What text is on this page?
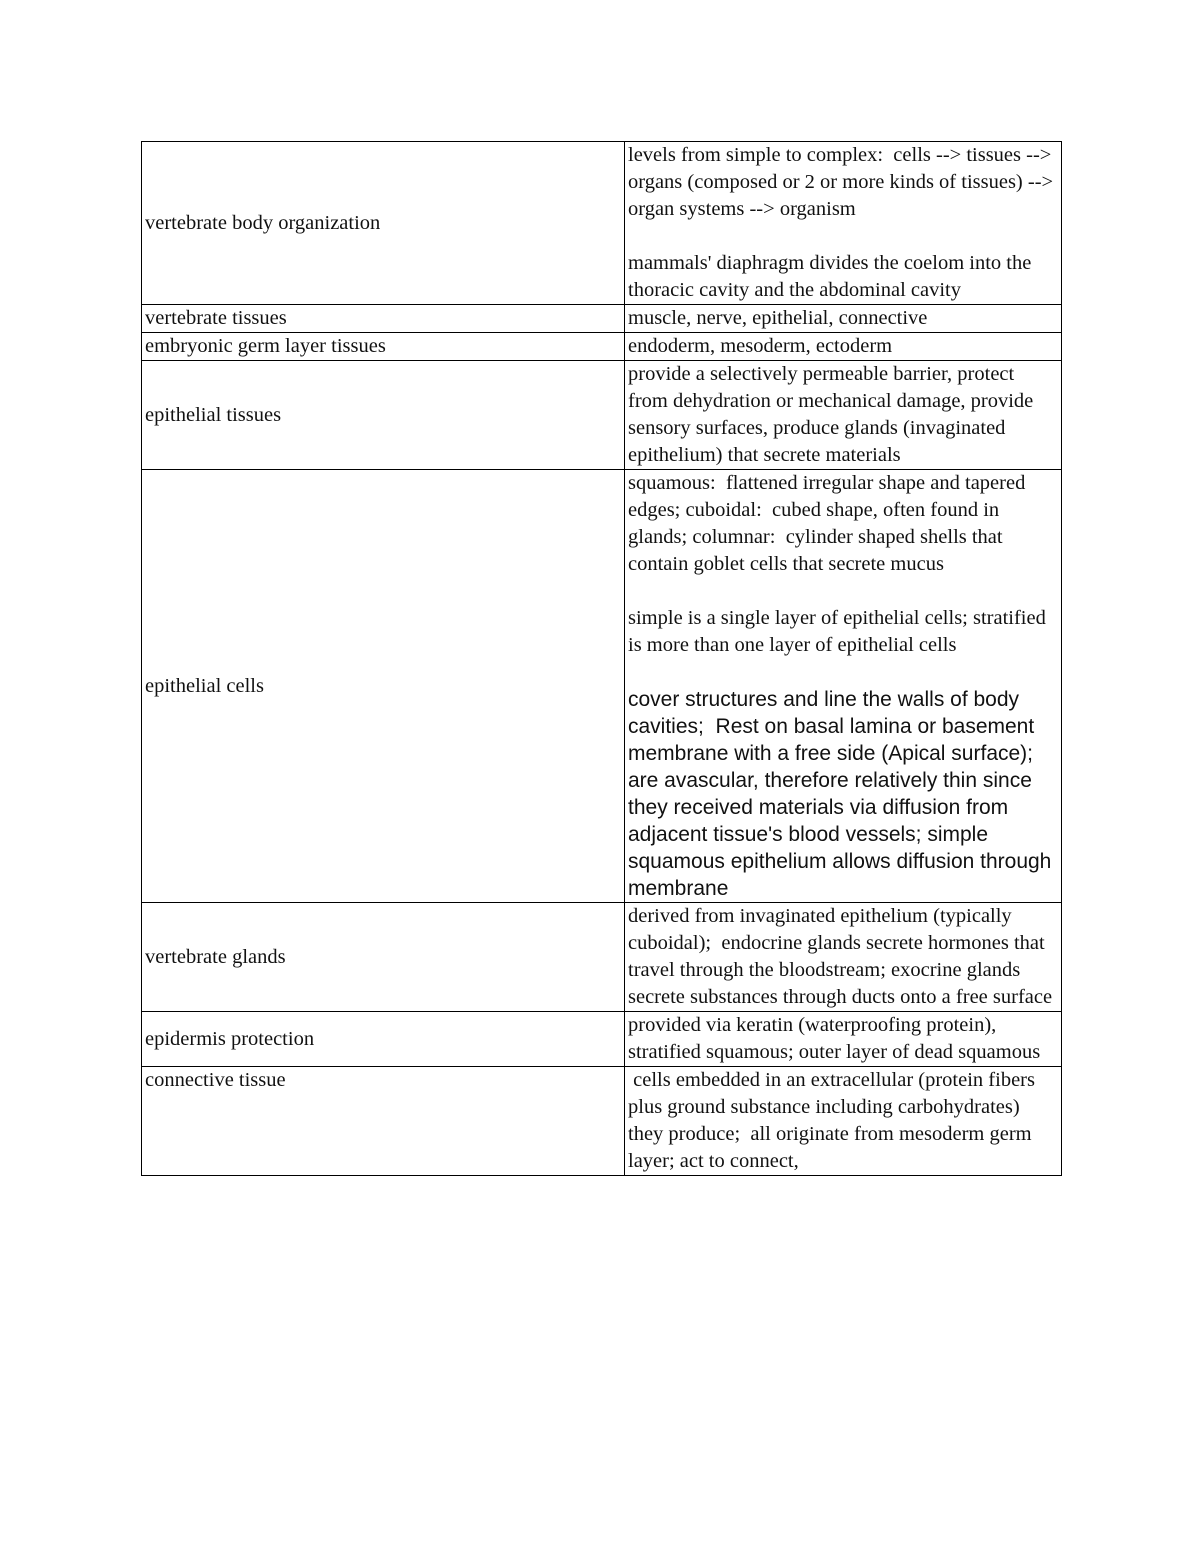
vertebrate body organization	levels from simple to complex:  cells --> tissues --> organs (composed or 2 or more kinds of tissues) --> organ systems --> organism
mammals' diaphragm divides the coelom into the thoracic cavity and the abdominal cavity

vertebrate tissues	muscle, nerve, epithelial, connective

embryonic germ layer tissues	endoderm, mesoderm, ectoderm

epithelial tissues	provide a selectively permeable barrier, protect from dehydration or mechanical damage, provide sensory surfaces, produce glands (invaginated epithelium) that secrete materials

epithelial cells	squamous:  flattened irregular shape and tapered edges; cuboidal:  cubed shape, often found in glands; columnar:  cylinder shaped shells that contain goblet cells that secrete mucus
simple is a single layer of epithelial cells; stratified is more than one layer of epithelial cells
cover structures and line the walls of body cavities;  Rest on basal lamina or basement membrane with a free side (Apical surface);    are avascular, therefore relatively thin since they received materials via diffusion from adjacent tissue's blood vessels; simple squamous epithelium allows diffusion through membrane

vertebrate glands	derived from invaginated epithelium (typically cuboidal);  endocrine glands secrete hormones that travel through the bloodstream; exocrine glands secrete substances through ducts onto a free surface

epidermis protection	provided via keratin (waterproofing protein), stratified squamous; outer layer of dead squamous

connective tissue	cells embedded in an extracellular (protein fibers plus ground substance including carbohydrates) they produce;  all originate from mesoderm germ layer; act to connect,
